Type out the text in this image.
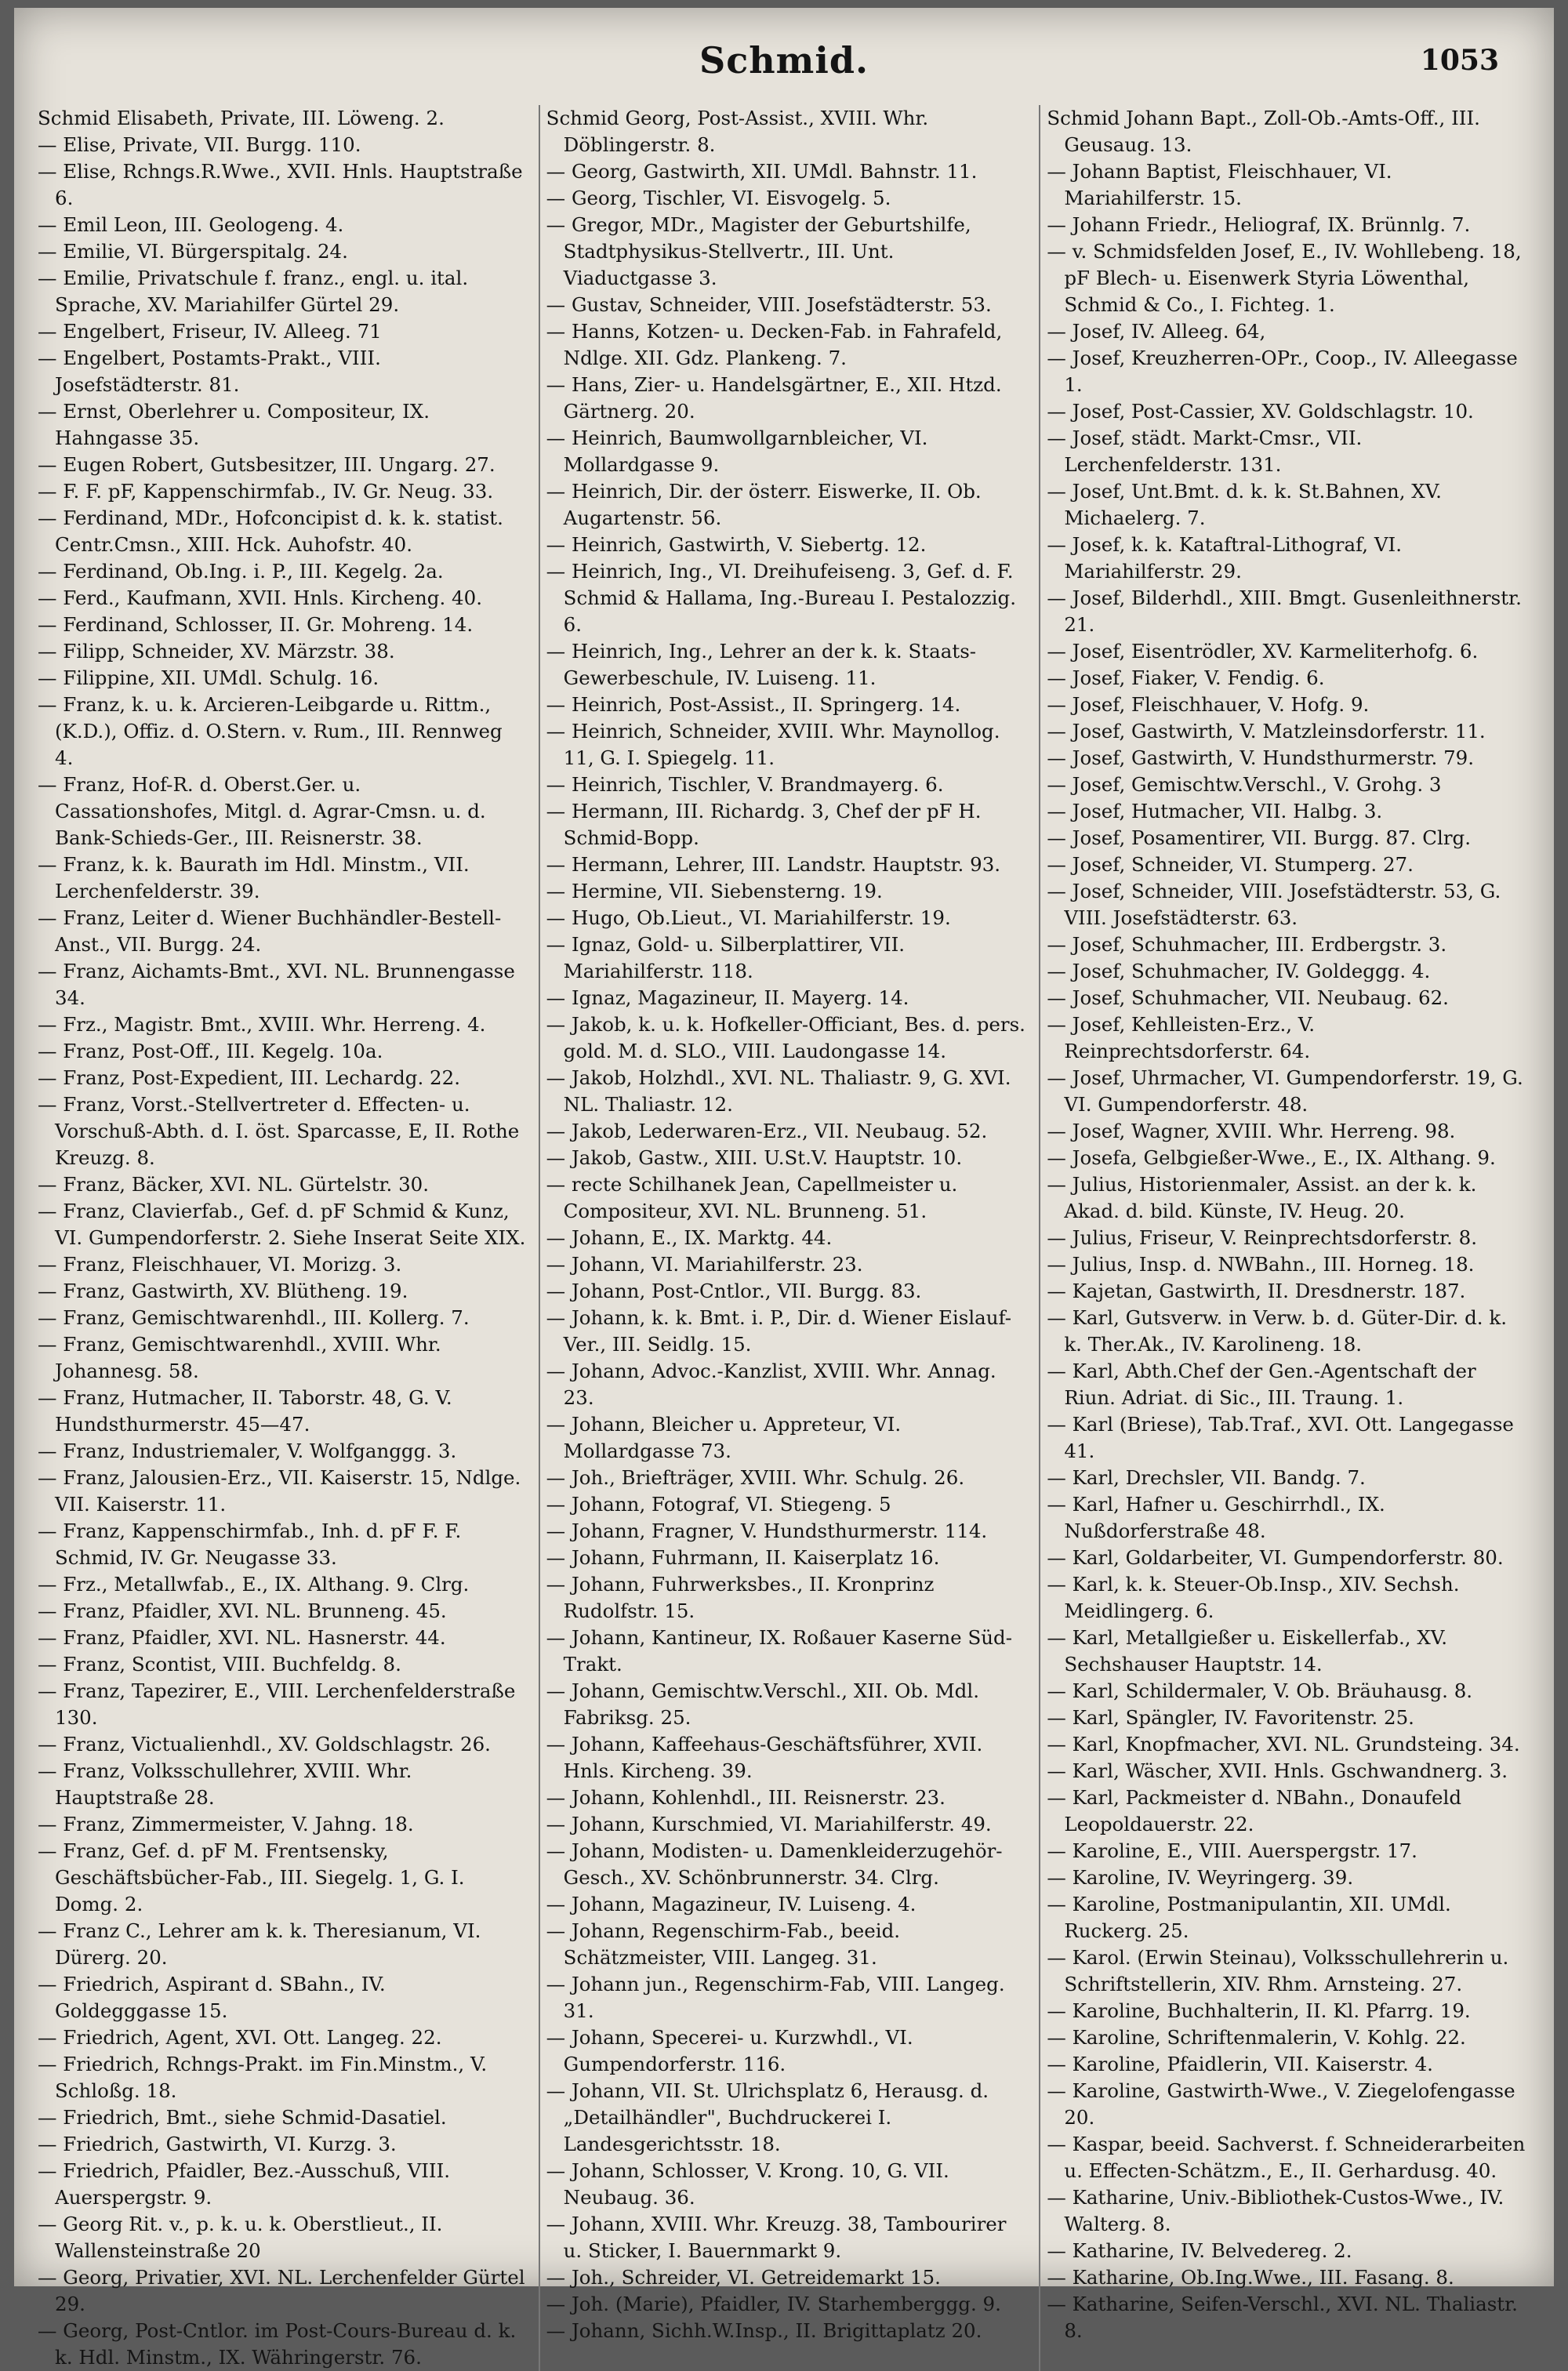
Schmid.	1053

Schmid Elisabeth, Private, III. Löweng. 2.

— Elise, Private, VII. Burgg. 110.

— Elise, Rchngs.R.Wwe., XVII. Hnls. Hauptstraße 6.

— Emil Leon, III. Geologeng. 4.

— Emilie, VI. Bürgerspitalg. 24.

— Emilie, Privatschule f. franz., engl. u. ital. Sprache, XV. Mariahilfer Gürtel 29.

— Engelbert, Friseur, IV. Alleeg. 71

— Engelbert, Postamts-Prakt., VIII. Josefstädterstr. 81.

— Ernst, Oberlehrer u. Compositeur, IX. Hahngasse 35.

— Eugen Robert, Gutsbesitzer, III. Ungarg. 27.

— F. F. pF, Kappenschirmfab., IV. Gr. Neug. 33.

— Ferdinand, MDr., Hofconcipist d. k. k. statist. Centr.Cmsn., XIII. Hck. Auhofstr. 40.

— Ferdinand, Ob.Ing. i. P., III. Kegelg. 2a.

— Ferd., Kaufmann, XVII. Hnls. Kircheng. 40.

— Ferdinand, Schlosser, II. Gr. Mohreng. 14.

— Filipp, Schneider, XV. Märzstr. 38.

— Filippine, XII. UMdl. Schulg. 16.

— Franz, k. u. k. Arcieren-Leibgarde u. Rittm., (K.D.), Offiz. d. O.Stern. v. Rum., III. Rennweg 4.

— Franz, Hof-R. d. Oberst.Ger. u. Cassationshofes, Mitgl. d. Agrar-Cmsn. u. d. Bank-Schieds-Ger., III. Reisnerstr. 38.

— Franz, k. k. Baurath im Hdl. Minstm., VII. Lerchenfelderstr. 39.

— Franz, Leiter d. Wiener Buchhändler-Bestell-Anst., VII. Burgg. 24.

— Franz, Aichamts-Bmt., XVI. NL. Brunnengasse 34.

— Frz., Magistr. Bmt., XVIII. Whr. Herreng. 4.

— Franz, Post-Off., III. Kegelg. 10a.

— Franz, Post-Expedient, III. Lechardg. 22.

— Franz, Vorst.-Stellvertreter d. Effecten- u. Vorschuß-Abth. d. I. öst. Sparcasse, E, II. Rothe Kreuzg. 8.

— Franz, Bäcker, XVI. NL. Gürtelstr. 30.

— Franz, Clavierfab., Gef. d. pF Schmid & Kunz, VI. Gumpendorferstr. 2. Siehe Inserat Seite XIX.

— Franz, Fleischhauer, VI. Morizg. 3.

— Franz, Gastwirth, XV. Blütheng. 19.

— Franz, Gemischtwarenhdl., III. Kollerg. 7.

— Franz, Gemischtwarenhdl., XVIII. Whr. Johannesg. 58.

— Franz, Hutmacher, II. Taborstr. 48, G. V. Hundsthurmerstr. 45—47.

— Franz, Industriemaler, V. Wolfganggg. 3.

— Franz, Jalousien-Erz., VII. Kaiserstr. 15, Ndlge. VII. Kaiserstr. 11.

— Franz, Kappenschirmfab., Inh. d. pF F. F. Schmid, IV. Gr. Neugasse 33.

— Frz., Metallwfab., E., IX. Althang. 9. Clrg.

— Franz, Pfaidler, XVI. NL. Brunneng. 45.

— Franz, Pfaidler, XVI. NL. Hasnerstr. 44.

— Franz, Scontist, VIII. Buchfeldg. 8.

— Franz, Tapezirer, E., VIII. Lerchenfelderstraße 130.

— Franz, Victualienhdl., XV. Goldschlagstr. 26.

— Franz, Volksschullehrer, XVIII. Whr. Hauptstraße 28.

— Franz, Zimmermeister, V. Jahng. 18.

— Franz, Gef. d. pF M. Frentsensky, Geschäftsbücher-Fab., III. Siegelg. 1, G. I. Domg. 2.

— Franz C., Lehrer am k. k. Theresianum, VI. Dürerg. 20.

— Friedrich, Aspirant d. SBahn., IV. Goldegggasse 15.

— Friedrich, Agent, XVI. Ott. Langeg. 22.

— Friedrich, Rchngs-Prakt. im Fin.Minstm., V. Schloßg. 18.

— Friedrich, Bmt., siehe Schmid-Dasatiel.

— Friedrich, Gastwirth, VI. Kurzg. 3.

— Friedrich, Pfaidler, Bez.-Ausschuß, VIII. Auerspergstr. 9.

— Georg Rit. v., p. k. u. k. Oberstlieut., II. Wallensteinstraße 20

— Georg, Privatier, XVI. NL. Lerchenfelder Gürtel 29.

— Georg, Post-Cntlor. im Post-Cours-Bureau d. k. k. Hdl. Minstm., IX. Währingerstr. 76.

Schmid Georg, Post-Assist., XVIII. Whr. Döblingerstr. 8.

— Georg, Gastwirth, XII. UMdl. Bahnstr. 11.

— Georg, Tischler, VI. Eisvogelg. 5.

— Gregor, MDr., Magister der Geburtshilfe, Stadtphysikus-Stellvertr., III. Unt. Viaductgasse 3.

— Gustav, Schneider, VIII. Josefstädterstr. 53.

— Hanns, Kotzen- u. Decken-Fab. in Fahrafeld, Ndlge. XII. Gdz. Plankeng. 7.

— Hans, Zier- u. Handelsgärtner, E., XII. Htzd. Gärtnerg. 20.

— Heinrich, Baumwollgarnbleicher, VI. Mollardgasse 9.

— Heinrich, Dir. der österr. Eiswerke, II. Ob. Augartenstr. 56.

— Heinrich, Gastwirth, V. Siebertg. 12.

— Heinrich, Ing., VI. Dreihufeiseng. 3, Gef. d. F. Schmid & Hallama, Ing.-Bureau I. Pestalozzig. 6.

— Heinrich, Ing., Lehrer an der k. k. Staats-Gewerbeschule, IV. Luiseng. 11.

— Heinrich, Post-Assist., II. Springerg. 14.

— Heinrich, Schneider, XVIII. Whr. Maynollog. 11, G. I. Spiegelg. 11.

— Heinrich, Tischler, V. Brandmayerg. 6.

— Hermann, III. Richardg. 3, Chef der pF H. Schmid-Bopp.

— Hermann, Lehrer, III. Landstr. Hauptstr. 93.

— Hermine, VII. Siebensterng. 19.

— Hugo, Ob.Lieut., VI. Mariahilferstr. 19.

— Ignaz, Gold- u. Silberplattirer, VII. Mariahilferstr. 118.

— Ignaz, Magazineur, II. Mayerg. 14.

— Jakob, k. u. k. Hofkeller-Officiant, Bes. d. pers. gold. M. d. SLO., VIII. Laudongasse 14.

— Jakob, Holzhdl., XVI. NL. Thaliastr. 9, G. XVI. NL. Thaliastr. 12.

— Jakob, Lederwaren-Erz., VII. Neubaug. 52.

— Jakob, Gastw., XIII. U.St.V. Hauptstr. 10.

— recte Schilhanek Jean, Capellmeister u. Compositeur, XVI. NL. Brunneng. 51.

— Johann, E., IX. Marktg. 44.

— Johann, VI. Mariahilferstr. 23.

— Johann, Post-Cntlor., VII. Burgg. 83.

— Johann, k. k. Bmt. i. P., Dir. d. Wiener Eislauf-Ver., III. Seidlg. 15.

— Johann, Advoc.-Kanzlist, XVIII. Whr. Annag. 23.

— Johann, Bleicher u. Appreteur, VI. Mollardgasse 73.

— Joh., Briefträger, XVIII. Whr. Schulg. 26.

— Johann, Fotograf, VI. Stiegeng. 5

— Johann, Fragner, V. Hundsthurmerstr. 114.

— Johann, Fuhrmann, II. Kaiserplatz 16.

— Johann, Fuhrwerksbes., II. Kronprinz Rudolfstr. 15.

— Johann, Kantineur, IX. Roßauer Kaserne Süd-Trakt.

— Johann, Gemischtw.Verschl., XII. Ob. Mdl. Fabriksg. 25.

— Johann, Kaffeehaus-Geschäftsführer, XVII. Hnls. Kircheng. 39.

— Johann, Kohlenhdl., III. Reisnerstr. 23.

— Johann, Kurschmied, VI. Mariahilferstr. 49.

— Johann, Modisten- u. Damenkleiderzugehör-Gesch., XV. Schönbrunnerstr. 34. Clrg.

— Johann, Magazineur, IV. Luiseng. 4.

— Johann, Regenschirm-Fab., beeid. Schätzmeister, VIII. Langeg. 31.

— Johann jun., Regenschirm-Fab, VIII. Langeg. 31.

— Johann, Specerei- u. Kurzwhdl., VI. Gumpendorferstr. 116.

— Johann, VII. St. Ulrichsplatz 6, Herausg. d. „Detailhändler", Buchdruckerei I. Landesgerichtsstr. 18.

— Johann, Schlosser, V. Krong. 10, G. VII. Neubaug. 36.

— Johann, XVIII. Whr. Kreuzg. 38, Tambourirer u. Sticker, I. Bauernmarkt 9.

— Joh., Schreider, VI. Getreidemarkt 15.

— Joh. (Marie), Pfaidler, IV. Starhemberggg. 9.

— Johann, Sichh.W.Insp., II. Brigittaplatz 20.

Schmid Johann Bapt., Zoll-Ob.-Amts-Off., III. Geusaug. 13.

— Johann Baptist, Fleischhauer, VI. Mariahilferstr. 15.

— Johann Friedr., Heliograf, IX. Brünnlg. 7.

— v. Schmidsfelden Josef, E., IV. Wohllebeng. 18, pF Blech- u. Eisenwerk Styria Löwenthal, Schmid & Co., I. Fichteg. 1.

— Josef, IV. Alleeg. 64,

— Josef, Kreuzherren-OPr., Coop., IV. Alleegasse 1.

— Josef, Post-Cassier, XV. Goldschlagstr. 10.

— Josef, städt. Markt-Cmsr., VII. Lerchenfelderstr. 131.

— Josef, Unt.Bmt. d. k. k. St.Bahnen, XV. Michaelerg. 7.

— Josef, k. k. Kataftral-Lithograf, VI. Mariahilferstr. 29.

— Josef, Bilderhdl., XIII. Bmgt. Gusenleithnerstr. 21.

— Josef, Eisentrödler, XV. Karmeliterhofg. 6.

— Josef, Fiaker, V. Fendig. 6.

— Josef, Fleischhauer, V. Hofg. 9.

— Josef, Gastwirth, V. Matzleinsdorferstr. 11.

— Josef, Gastwirth, V. Hundsthurmerstr. 79.

— Josef, Gemischtw.Verschl., V. Grohg. 3

— Josef, Hutmacher, VII. Halbg. 3.

— Josef, Posamentirer, VII. Burgg. 87. Clrg.

— Josef, Schneider, VI. Stumperg. 27.

— Josef, Schneider, VIII. Josefstädterstr. 53, G. VIII. Josefstädterstr. 63.

— Josef, Schuhmacher, III. Erdbergstr. 3.

— Josef, Schuhmacher, IV. Goldeggg. 4.

— Josef, Schuhmacher, VII. Neubaug. 62.

— Josef, Kehlleisten-Erz., V. Reinprechtsdorferstr. 64.

— Josef, Uhrmacher, VI. Gumpendorferstr. 19, G. VI. Gumpendorferstr. 48.

— Josef, Wagner, XVIII. Whr. Herreng. 98.

— Josefa, Gelbgießer-Wwe., E., IX. Althang. 9.

— Julius, Historienmaler, Assist. an der k. k. Akad. d. bild. Künste, IV. Heug. 20.

— Julius, Friseur, V. Reinprechtsdorferstr. 8.

— Julius, Insp. d. NWBahn., III. Horneg. 18.

— Kajetan, Gastwirth, II. Dresdnerstr. 187.

— Karl, Gutsverw. in Verw. b. d. Güter-Dir. d. k. k. Ther.Ak., IV. Karolineng. 18.

— Karl, Abth.Chef der Gen.-Agentschaft der Riun. Adriat. di Sic., III. Traung. 1.

— Karl (Briese), Tab.Traf., XVI. Ott. Langegasse 41.

— Karl, Drechsler, VII. Bandg. 7.

— Karl, Hafner u. Geschirrhdl., IX. Nußdorferstraße 48.

— Karl, Goldarbeiter, VI. Gumpendorferstr. 80.

— Karl, k. k. Steuer-Ob.Insp., XIV. Sechsh. Meidlingerg. 6.

— Karl, Metallgießer u. Eiskellerfab., XV. Sechshauser Hauptstr. 14.

— Karl, Schildermaler, V. Ob. Bräuhausg. 8.

— Karl, Spängler, IV. Favoritenstr. 25.

— Karl, Knopfmacher, XVI. NL. Grundsteing. 34.

— Karl, Wäscher, XVII. Hnls. Gschwandnerg. 3.

— Karl, Packmeister d. NBahn., Donaufeld Leopoldauerstr. 22.

— Karoline, E., VIII. Auerspergstr. 17.

— Karoline, IV. Weyringerg. 39.

— Karoline, Postmanipulantin, XII. UMdl. Ruckerg. 25.

— Karol. (Erwin Steinau), Volksschullehrerin u. Schriftstellerin, XIV. Rhm. Arnsteing. 27.

— Karoline, Buchhalterin, II. Kl. Pfarrg. 19.

— Karoline, Schriftenmalerin, V. Kohlg. 22.

— Karoline, Pfaidlerin, VII. Kaiserstr. 4.

— Karoline, Gastwirth-Wwe., V. Ziegelofengasse 20.

— Kaspar, beeid. Sachverst. f. Schneiderarbeiten u. Effecten-Schätzm., E., II. Gerhardusg. 40.

— Katharine, Univ.-Bibliothek-Custos-Wwe., IV. Walterg. 8.

— Katharine, IV. Belvedereg. 2.

— Katharine, Ob.Ing.Wwe., III. Fasang. 8.

— Katharine, Seifen-Verschl., XVI. NL. Thaliastr. 8.
